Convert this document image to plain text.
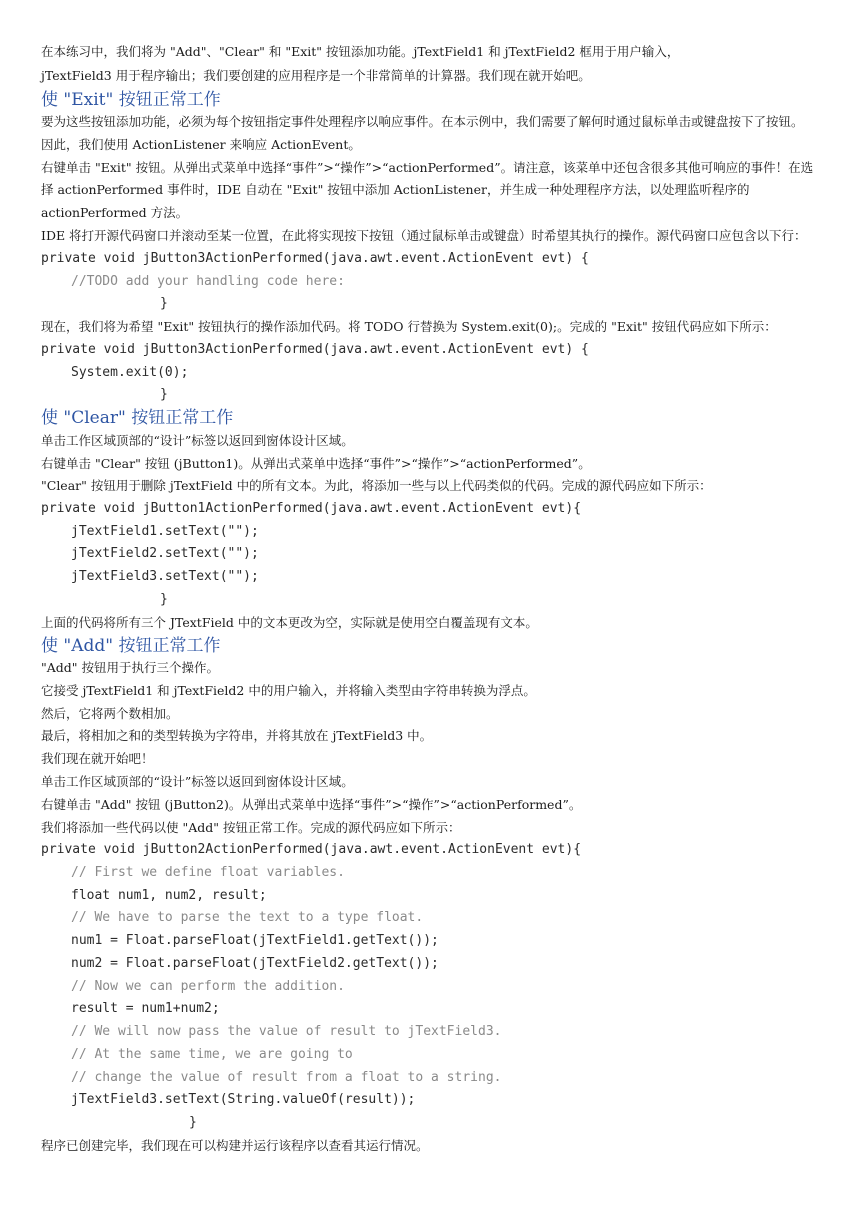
在本练习中，我们将为 "Add"、"Clear" 和 "Exit" 按钮添加功能。jTextField1 和 jTextField2 框用于用户输入，
jTextField3 用于程序输出；我们要创建的应用程序是一个非常简单的计算器。我们现在就开始吧。
使 "Exit" 按钮正常工作
要为这些按钮添加功能，必须为每个按钮指定事件处理程序以响应事件。在本示例中，我们需要了解何时通过鼠标单击或键盘按下了按钮。
因此，我们使用 ActionListener 来响应 ActionEvent。
右键单击 "Exit" 按钮。从弹出式菜单中选择“事件”>“操作”>“actionPerformed”。请注意，该菜单中还包含很多其他可响应的事件！在选
择 actionPerformed 事件时，IDE 自动在 "Exit" 按钮中添加 ActionListener，并生成一种处理程序方法，以处理监听程序的
actionPerformed 方法。
IDE 将打开源代码窗口并滚动至某一位置，在此将实现按下按钮（通过鼠标单击或键盘）时希望其执行的操作。源代码窗口应包含以下行：
private void jButton3ActionPerformed(java.awt.event.ActionEvent evt) {
//TODO add your handling code here:
}
现在，我们将为希望 "Exit" 按钮执行的操作添加代码。将 TODO 行替换为 System.exit(0);。完成的 "Exit" 按钮代码应如下所示：
private void jButton3ActionPerformed(java.awt.event.ActionEvent evt) {
System.exit(0);
}
使 "Clear" 按钮正常工作
单击工作区域顶部的“设计”标签以返回到窗体设计区域。
右键单击 "Clear" 按钮 (jButton1)。从弹出式菜单中选择“事件”>“操作”>“actionPerformed”。
"Clear" 按钮用于删除 jTextField 中的所有文本。为此，将添加一些与以上代码类似的代码。完成的源代码应如下所示：
private void jButton1ActionPerformed(java.awt.event.ActionEvent evt){
jTextField1.setText("");
jTextField2.setText("");
jTextField3.setText("");
}
上面的代码将所有三个 JTextField 中的文本更改为空，实际就是使用空白覆盖现有文本。
使 "Add" 按钮正常工作
"Add" 按钮用于执行三个操作。
它接受 jTextField1 和 jTextField2 中的用户输入，并将输入类型由字符串转换为浮点。
然后，它将两个数相加。
最后，将相加之和的类型转换为字符串，并将其放在 jTextField3 中。
我们现在就开始吧！
单击工作区域顶部的“设计”标签以返回到窗体设计区域。
右键单击 "Add" 按钮 (jButton2)。从弹出式菜单中选择“事件”>“操作”>“actionPerformed”。
我们将添加一些代码以使 "Add" 按钮正常工作。完成的源代码应如下所示：
private void jButton2ActionPerformed(java.awt.event.ActionEvent evt){
// First we define float variables.
float num1, num2, result;
// We have to parse the text to a type float.
num1 = Float.parseFloat(jTextField1.getText());
num2 = Float.parseFloat(jTextField2.getText());
// Now we can perform the addition.
result = num1+num2;
// We will now pass the value of result to jTextField3.
// At the same time, we are going to
// change the value of result from a float to a string.
jTextField3.setText(String.valueOf(result));
}
程序已创建完毕，我们现在可以构建并运行该程序以查看其运行情况。
